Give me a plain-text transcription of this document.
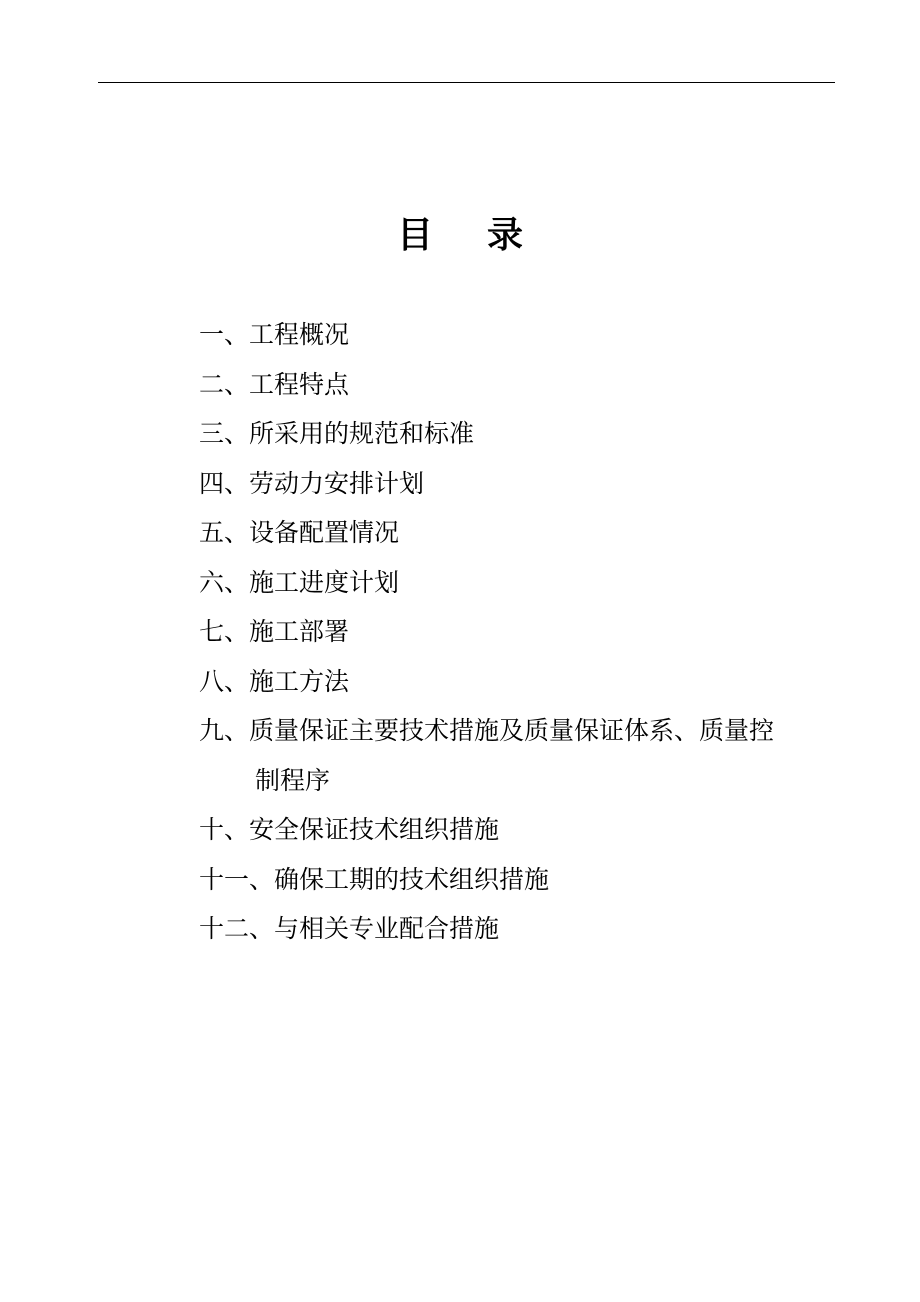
目 录
一、工程概况
二、工程特点
三、所采用的规范和标准
四、劳动力安排计划
五、设备配置情况
六、施工进度计划
七、施工部署
八、施工方法
九、质量保证主要技术措施及质量保证体系、质量控
制程序
十、安全保证技术组织措施
十一、确保工期的技术组织措施
十二、与相关专业配合措施
